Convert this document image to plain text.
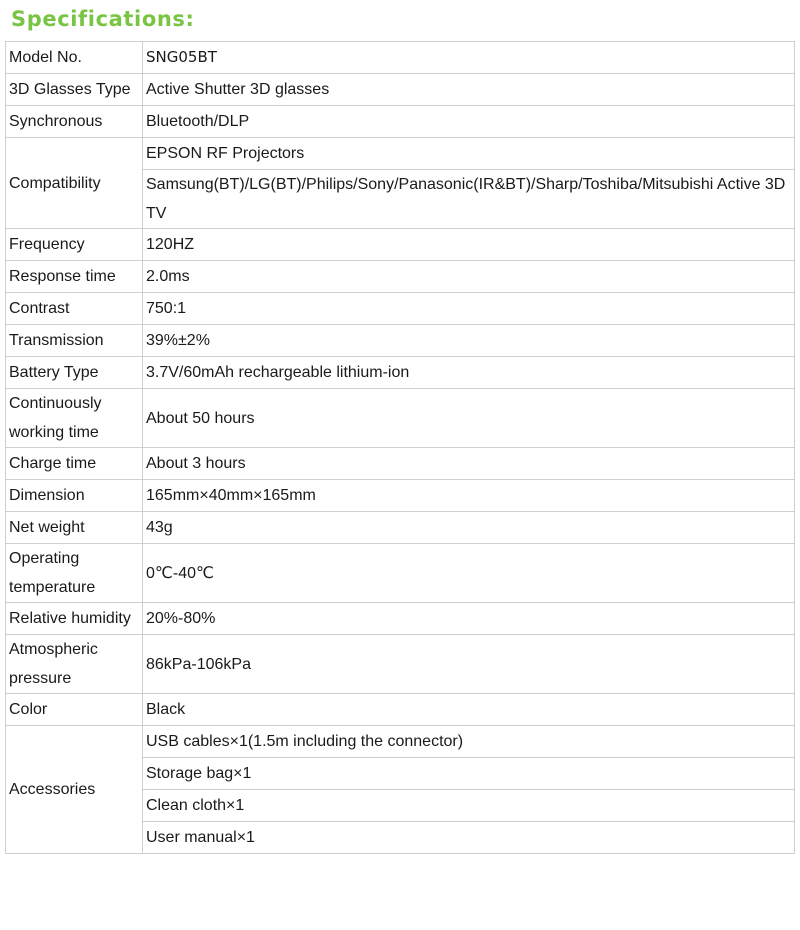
Specifications:
Model No.	SNG05BT
3D Glasses Type	Active Shutter 3D glasses
Synchronous	Bluetooth/DLP
Compatibility	EPSON RF Projectors
	Samsung(BT)/LG(BT)/Philips/Sony/Panasonic(IR&BT)/Sharp/Toshiba/Mitsubishi Active 3D TV
Frequency	120HZ
Response time	2.0ms
Contrast	750:1
Transmission	39%±2%
Battery Type	3.7V/60mAh rechargeable lithium-ion
Continuously working time	About 50 hours
Charge time	About 3 hours
Dimension	165mm×40mm×165mm
Net weight	43g
Operating temperature	0℃-40℃
Relative humidity	20%-80%
Atmospheric pressure	86kPa-106kPa
Color	Black
Accessories	USB cables×1(1.5m including the connector)
	Storage bag×1
	Clean cloth×1
	User manual×1
